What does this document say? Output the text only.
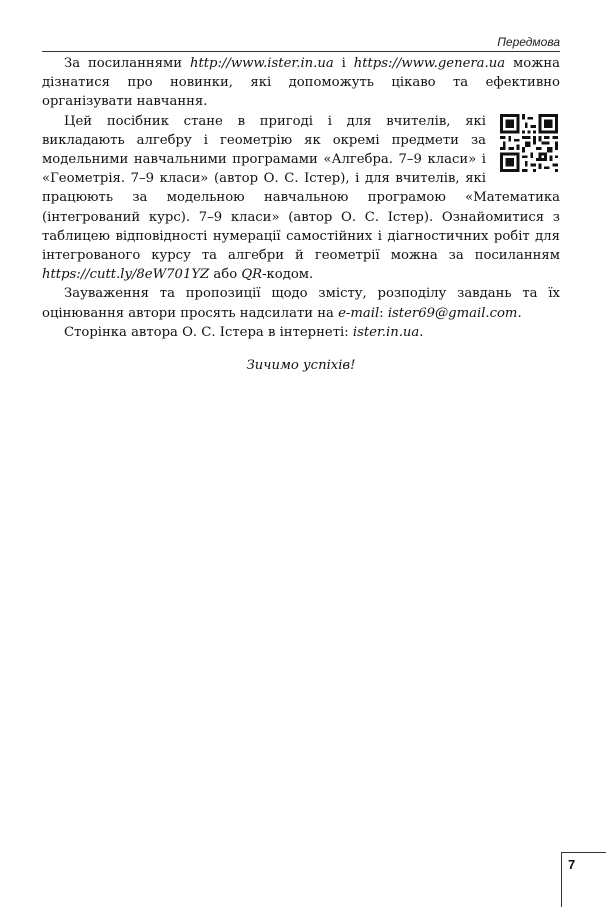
Передмова

За посиланнями http://www.ister.in.ua і https://www.genera.ua можна дізнатися про новинки, які допоможуть цікаво та ефективно організувати навчання.

Цей посібник стане в пригоді і для вчителів, які викладають алгебру і геометрію як окремі предмети за модельними навчальними програмами «Алгебра. 7–9 класи» і «Геометрія. 7–9 класи» (автор О. С. Істер), і для вчителів, які працюють за модельною навчальною програмою «Математика (інтегрований курс). 7–9 класи» (автор О. С. Істер). Ознайомитися з таблицею відповідності нумерації самостійних і діагностичних робіт для інтегрованого курсу та алгебри й геометрії можна за посиланням https://cutt.ly/8eW701YZ або QR-кодом.

Зауваження та пропозиції щодо змісту, розподілу завдань та їх оцінювання автори просять надсилати на e-mail: ister69@gmail.com.

Сторінка автора О. С. Істера в інтернеті: ister.in.ua.

Зичимо успіхів!

7
